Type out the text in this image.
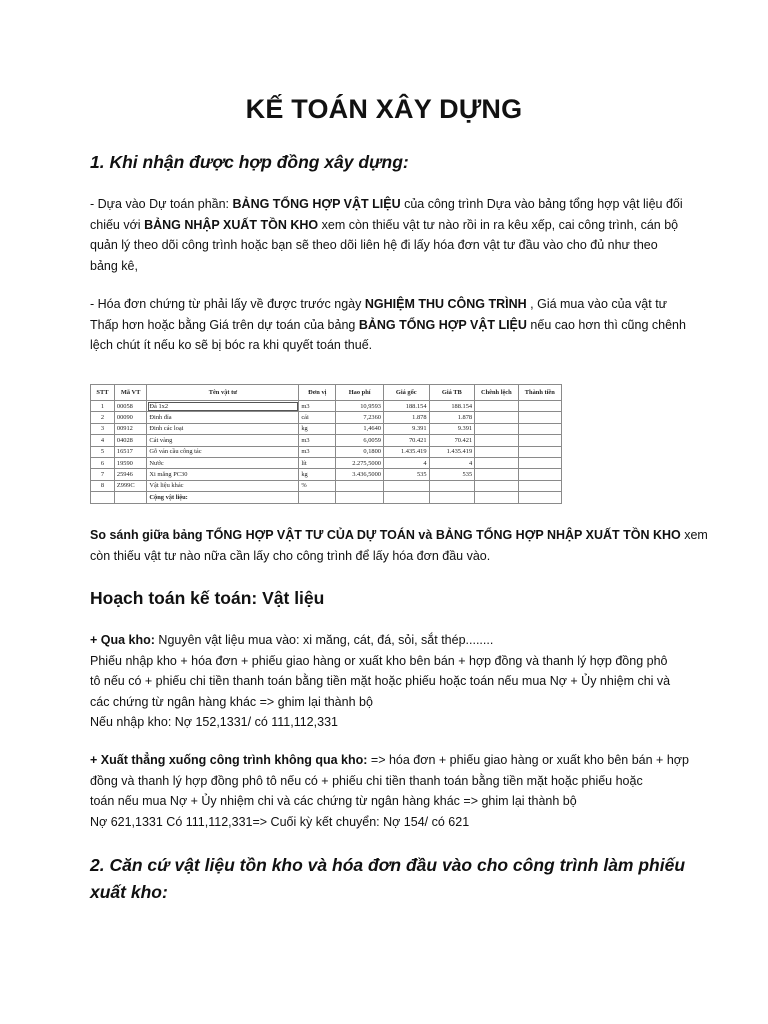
KẾ TOÁN XÂY DỰNG
1. Khi nhận được hợp đồng xây dựng:
- Dựa vào Dự toán phần: BẢNG TỔNG HỢP VẬT LIỆU của công trình Dựa vào bảng tổng hợp vật liệu đối
chiếu với BẢNG NHẬP XUẤT TỒN KHO xem còn thiếu vật tư nào rồi in ra kêu xếp, cai công trình, cán bộ
quản lý theo dõi công trình hoặc bạn sẽ theo dõi liên hệ đi lấy hóa đơn vật tư đầu vào cho đủ như theo
bảng kê,
- Hóa đơn chứng từ phải lấy về được trước ngày NGHIỆM THU CÔNG TRÌNH , Giá mua vào của vật tư
Thấp hơn hoặc bằng Giá trên dự toán của bảng BẢNG TỔNG HỢP VẬT LIỆU nếu cao hơn thì cũng chênh
lệch chút ít nếu ko sẽ bị bóc ra khi quyết toán thuế.
STT	Mã VT	Tên vật tư	Đơn vị	Hao phí	Giá gốc	Giá TB	Chênh lệch	Thành tiền
1	00058	Đá 1x2	m3	10,9593	188.154	188.154		
2	00090	Đinh đỉa	cái	7,2360	1.878	1.878		
3	00912	Đinh các loại	kg	1,4640	9.391	9.391		
4	04028	Cát vàng	m3	6,0059	70.421	70.421		
5	16517	Gỗ ván cầu công tác	m3	0,1800	1.435.419	1.435.419		
6	19590	Nước	lít	2.275,5000	4	4		
7	25946	Xi măng PC30	kg	3.436,5000	535	535		
8	Z999C	Vật liệu khác	%					
		Cộng vật liệu:						
So sánh giữa bảng TỔNG HỢP VẬT TƯ CỦA DỰ TOÁN và BẢNG TỔNG HỢP NHẬP XUẤT TỒN KHO xem
còn thiếu vật tư nào nữa cần lấy cho công trình để lấy hóa đơn đầu vào.
Hoạch toán kế toán: Vật liệu
+ Qua kho: Nguyên vật liệu mua vào: xi măng, cát, đá, sỏi, sắt thép........
Phiếu nhập kho + hóa đơn + phiếu giao hàng or xuất kho bên bán + hợp đồng và thanh lý hợp đồng phô
tô nếu có + phiếu chi tiền thanh toán bằng tiền mặt hoặc phiếu hoặc toán nếu mua Nợ + Ủy nhiệm chi và
các chứng từ ngân hàng khác => ghim lại thành bộ
Nếu nhập kho: Nợ 152,1331/ có 111,112,331
+ Xuất thẳng xuống công trình không qua kho: => hóa đơn + phiếu giao hàng or xuất kho bên bán + hợp
đồng và thanh lý hợp đồng phô tô nếu có + phiếu chi tiền thanh toán bằng tiền mặt hoặc phiếu hoặc
toán nếu mua Nợ + Ủy nhiệm chi và các chứng từ ngân hàng khác => ghim lại thành bộ
Nợ 621,1331 Có 111,112,331=> Cuối kỳ kết chuyển: Nợ 154/ có 621
2. Căn cứ vật liệu tồn kho và hóa đơn đầu vào cho công trình làm phiếu
xuất kho:
